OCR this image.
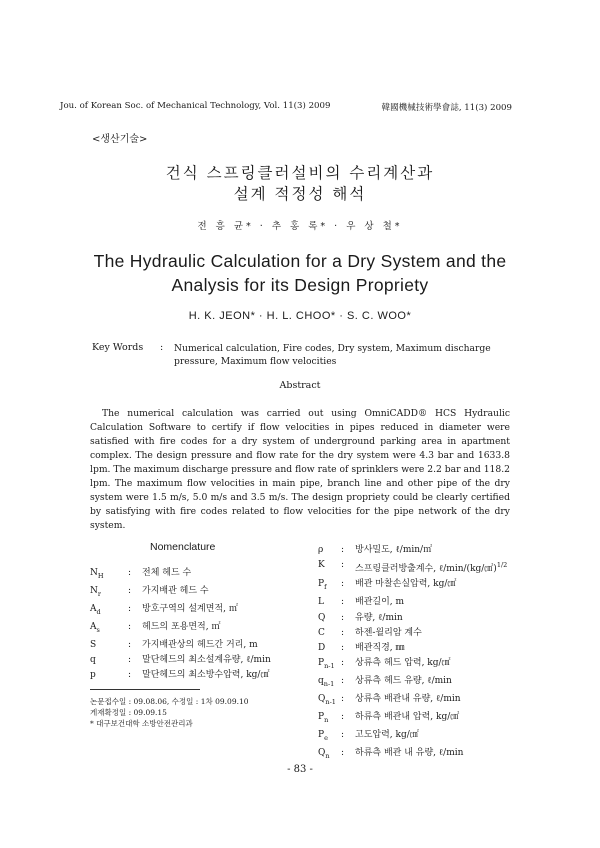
Jou. of Korean Soc. of Mechanical Technology, Vol. 11(3) 2009	韓國機械技術學會誌, 11(3) 2009
<생산기술>
건식 스프링클러설비의 수리계산과
설계 적정성 해석
전 흥 균* · 추 홍 록* · 우 상 철*
The Hydraulic Calculation for a Dry System and the
Analysis for its Design Propriety
H. K. JEON* · H. L. CHOO* · S. C. WOO*
Key Words : Numerical calculation, Fire codes, Dry system, Maximum discharge pressure, Maximum flow velocities
Abstract
The numerical calculation was carried out using OmniCADD® HCS Hydraulic Calculation Software to certify if flow velocities in pipes reduced in diameter were satisfied with fire codes for a dry system of underground parking area in apartment complex. The design pressure and flow rate for the dry system were 4.3 bar and 1633.8 lpm. The maximum discharge pressure and flow rate of sprinklers were 2.2 bar and 118.2 lpm. The maximum flow velocities in main pipe, branch line and other pipe of the dry system were 1.5 m/s, 5.0 m/s and 3.5 m/s. The design propriety could be clearly certified by satisfying with fire codes related to flow velocities for the pipe network of the dry system.
Nomenclature
$N_H$	:	전체 헤드 수
$N_r$	:	가지배관 헤드 수
$A_d$	:	방호구역의 설계면적, ㎡
$A_s$	:	헤드의 포용면적, ㎡
S	:	가지배관상의 헤드간 거리, m
q	:	말단헤드의 최소설계유량, ℓ/min
p	:	말단헤드의 최소방수압력, kg/㎠
ρ	:	방사밀도, ℓ/min/㎡
K	:	스프링클러방출계수, ℓ/min/(kg/㎠)$^{1/2}$
$P_f$	:	배관 마찰손실압력, kg/㎠
L	:	배관길이, m
Q	:	유량, ℓ/min
C	:	하젠-윌리암 계수
D	:	배관직경, ㎜
$P_{n-1}$ :	상류측 헤드 압력, kg/㎠
$q_{n-1}$ :	상류측 헤드 유량, ℓ/min
$Q_{n-1}$ :	상류측 배관내 유량, ℓ/min
$P_n$	:	하류측 배관내 압력, kg/㎠
$P_e$	:	고도압력, kg/㎠
$Q_n$	:	하류측 배관 내 유량, ℓ/min
논문접수일 : 09.08.06, 수정일 : 1차 09.09.10
게재확정일 : 09.09.15
* 대구보건대학 소방안전관리과
- 83 -
